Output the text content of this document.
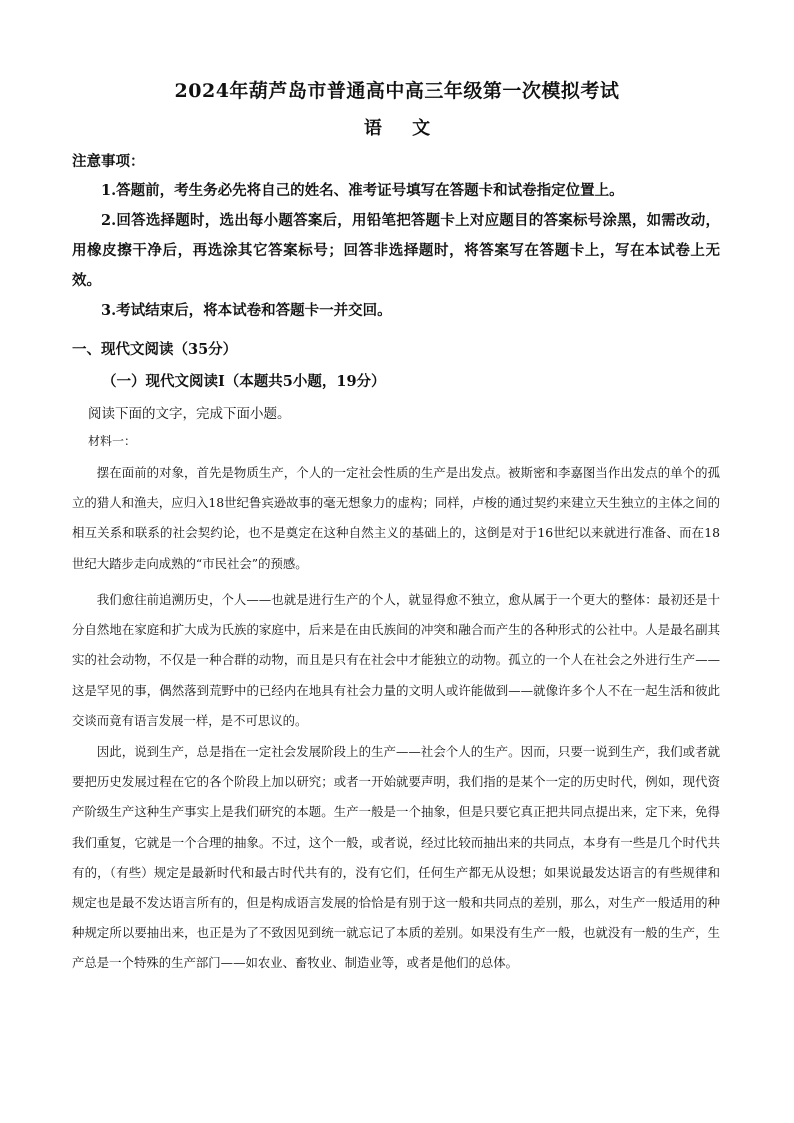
2024年葫芦岛市普通高中高三年级第一次模拟考试
语 文
注意事项：

1.答题前，考生务必先将自己的姓名、准考证号填写在答题卡和试卷指定位置上。

2.回答选择题时，选出每小题答案后，用铅笔把答题卡上对应题目的答案标号涂黑，如需改动，用橡皮擦干净后，再选涂其它答案标号；回答非选择题时，将答案写在答题卡上，写在本试卷上无效。

3.考试结束后，将本试卷和答题卡一并交回。

一、现代文阅读（35分）
（一）现代文阅读Ⅰ（本题共5小题，19分）
阅读下面的文字，完成下面小题。
材料一：

摆在面前的对象，首先是物质生产，个人的一定社会性质的生产是出发点。被斯密和李嘉图当作出发点的单个的孤立的猎人和渔夫，应归入18世纪鲁宾逊故事的毫无想象力的虚构；同样，卢梭的通过契约来建立天生独立的主体之间的相互关系和联系的社会契约论，也不是奠定在这种自然主义的基础上的，这倒是对于16世纪以来就进行准备、而在18世纪大踏步走向成熟的“市民社会”的预感。

我们愈往前追溯历史，个人——也就是进行生产的个人，就显得愈不独立，愈从属于一个更大的整体：最初还是十分自然地在家庭和扩大成为氏族的家庭中，后来是在由氏族间的冲突和融合而产生的各种形式的公社中。人是最名副其实的社会动物，不仅是一种合群的动物，而且是只有在社会中才能独立的动物。孤立的一个人在社会之外进行生产——这是罕见的事，偶然落到荒野中的已经内在地具有社会力量的文明人或许能做到——就像许多个人不在一起生活和彼此交谈而竟有语言发展一样，是不可思议的。

因此，说到生产，总是指在一定社会发展阶段上的生产——社会个人的生产。因而，只要一说到生产，我们或者就要把历史发展过程在它的各个阶段上加以研究；或者一开始就要声明，我们指的是某个一定的历史时代，例如，现代资产阶级生产这种生产事实上是我们研究的本题。生产一般是一个抽象，但是只要它真正把共同点提出来，定下来，免得我们重复，它就是一个合理的抽象。不过，这个一般，或者说，经过比较而抽出来的共同点，本身有一些是几个时代共有的，（有些）规定是最新时代和最古时代共有的，没有它们，任何生产都无从设想；如果说最发达语言的有些规律和规定也是最不发达语言所有的，但是构成语言发展的恰恰是有别于这一般和共同点的差别，那么，对生产一般适用的种种规定所以要抽出来，也正是为了不致因见到统一就忘记了本质的差别。如果没有生产一般，也就没有一般的生产，生产总是一个特殊的生产部门——如农业、畜牧业、制造业等，或者是他们的总体。
